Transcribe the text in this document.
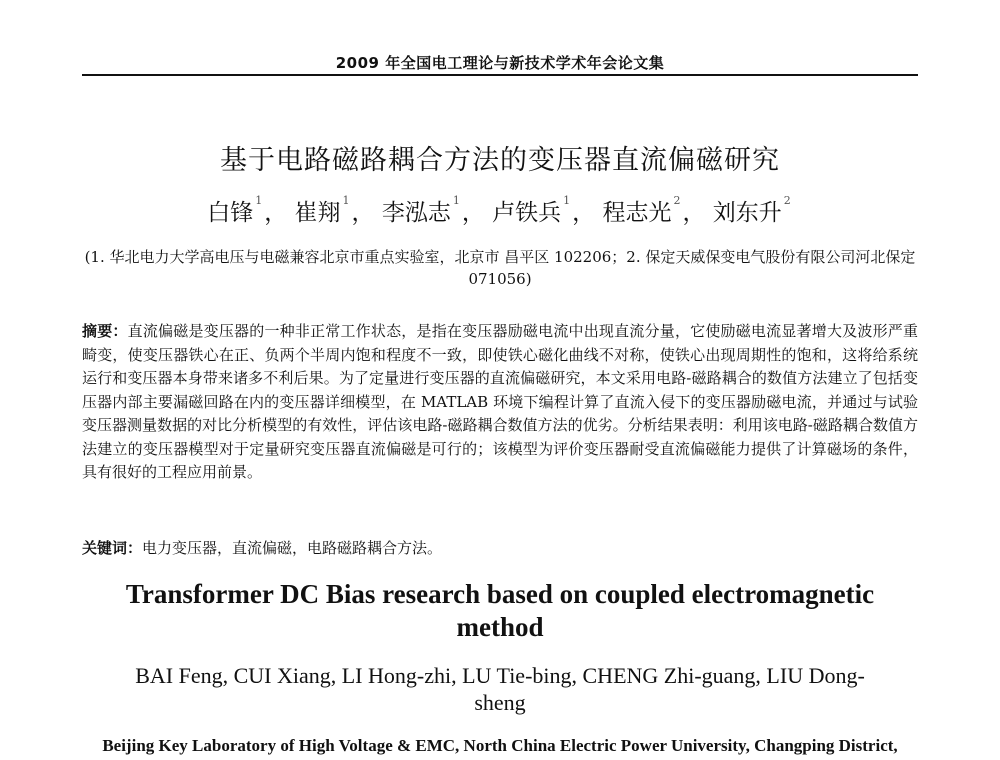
2009 年全国电工理论与新技术学术年会论文集
基于电路磁路耦合方法的变压器直流偏磁研究
白锋 $^1$， 崔翔 $^1$， 李泓志 $^1$， 卢铁兵 $^1$， 程志光 $^2$， 刘东升 $^2$
(1. 华北电力大学高电压与电磁兼容北京市重点实验室，北京市 昌平区 102206；2. 保定天威保变电气股份有限公司河北保定 071056)
摘要：直流偏磁是变压器的一种非正常工作状态，是指在变压器励磁电流中出现直流分量，它使励磁电流显著增大及波形严重畸变，使变压器铁心在正、负两个半周内饱和程度不一致，即使铁心磁化曲线不对称，使铁心出现周期性的饱和，这将给系统运行和变压器本身带来诸多不利后果。为了定量进行变压器的直流偏磁研究，本文采用电路-磁路耦合的数值方法建立了包括变压器内部主要漏磁回路在内的变压器详细模型，在 MATLAB 环境下编程计算了直流入侵下的变压器励磁电流，并通过与试验变压器测量数据的对比分析模型的有效性，评估该电路-磁路耦合数值方法的优劣。分析结果表明：利用该电路-磁路耦合数值方法建立的变压器模型对于定量研究变压器直流偏磁是可行的；该模型为评价变压器耐受直流偏磁能力提供了计算磁场的条件，具有很好的工程应用前景。
关键词：电力变压器，直流偏磁，电路磁路耦合方法。
Transformer DC Bias research based on coupled electromagnetic method
BAI Feng, CUI Xiang, LI Hong-zhi, LU Tie-bing, CHENG Zhi-guang, LIU Dong-sheng
Beijing Key Laboratory of High Voltage & EMC, North China Electric Power University, Changping District,
